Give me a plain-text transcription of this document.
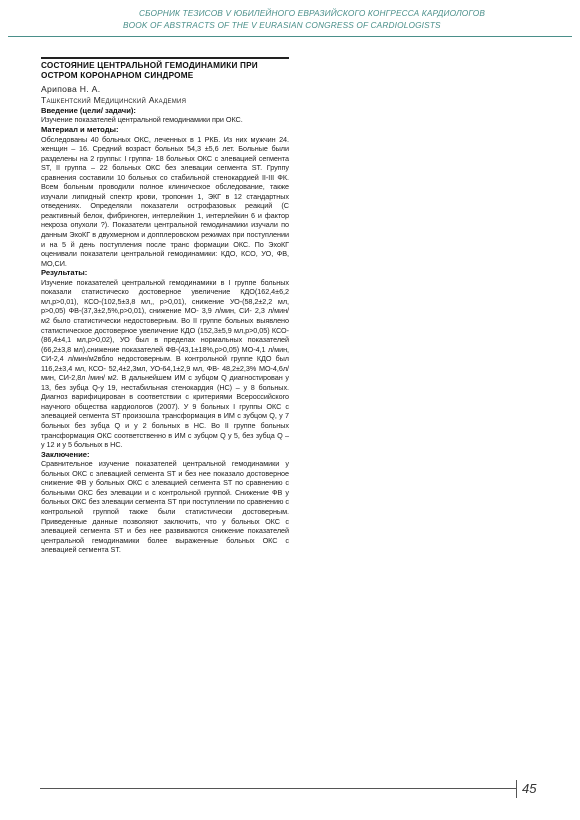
СБОРНИК ТЕЗИСОВ V ЮБИЛЕЙНОГО ЕВРАЗИЙСКОГО КОНГРЕССА КАРДИОЛОГОВ
BOOK OF ABSTRACTS OF THE V EURASIAN CONGRESS OF CARDIOLOGISTS
СОСТОЯНИЕ ЦЕНТРАЛЬНОЙ ГЕМОДИНАМИКИ ПРИ ОСТРОМ КОРОНАРНОМ СИНДРОМЕ
Арипова Н. А.
Ташкентский Медицинский Академия
Введение (цели/ задачи):
Изучение показателей центральной гемодинамики при ОКС.
Материал и методы:
Обследованы 40 больных ОКС, леченных в 1 РКБ. Из них мужчин 24. женщин – 16. Средний возраст больных 54,3 ±5,6 лет. Больные были разделены на 2 группы: I группа- 18 больных ОКС с элевацией сегмента ST, II группа – 22 больных ОКС без элевации сегмента ST. Группу сравнения составили 10 больных со стабильной стенокардией II-III ФК. Всем больным проводили полное клиническое обследование, также изучали липидный спектр крови, тропонин 1, ЭКГ в 12 стандартных отведениях. Определяли показатели острофазовых реакций (С реактивный белок, фибриноген, интерлейкин 1, интерлейкин 6 и фактор некроза опухоли ?). Показатели центральной гемодинамики изучали по данным ЭхоКГ в двухмерном и допплеровском режимах при поступлении и на 5 й день поступления после транс формации ОКС. По ЭхоКГ оценивали показатели центральной гемодинамики: КДО, КСО, УО, ФВ, МО,СИ.
Результаты:
Изучение показателей центральной гемодинамики в I группе больных показали статистическо достоверное увеличение КДО(162,4±6,2 мл,р>0,01), КСО-(102,5±3,8 мл,, р>0,01), снижение УО-(58,2±2,2 мл, р>0,05) ФВ-(37,3±2,5%,р>0,01), снижение МО- 3,9 л/мин, СИ- 2,3 л/мин/ м2 было статистически недостоверным. Во II группе больных выявлено статистическое достоверное увеличение КДО (152,3±5,9 мл,р>0,05) КСО-(86,4±4,1 мл,р>0,02), УО был в пределах нормальных показателей (66,2±3,8 мл),снижение показателей ФВ-(43,1±18%,р>0,05) МО-4,1 л/мин, СИ-2,4 л/мин/м2вбло недостоверным. В контрольной группе КДО был 116,2±3,4 мл, КСО- 52,4±2,3мл, УО-64,1±2,9 мл, ФВ- 48,2±2,3% МО-4,6л/мин, СИ-2,8л /мин/ м2. В дальнейшем ИМ с зубцом Q диагностирован у 13, без зубца Q-у 19, нестабильная стенокардия (НС) – у 8 больных. Диагноз варифицирован в соответствии с критериями Всероссийского научного общества кардиологов (2007). У 9 больных I группы ОКС с элевацией сегмента ST произошла трансформация в ИМ с зубцом Q, у 7 больных без зубца Q и у 2 больных в НС. Во II группе больных трансформация ОКС соответственно в ИМ с зубцом Q у 5, без зубца Q – у 12 и у 5 больных в НС.
Заключение:
Сравнительное изучение показателей центральной гемодинамики у больных ОКС с элевацией сегмента ST и без нее показало достоверное снижение ФВ у больных ОКС с элевацией сегмента ST по сравнению с больными ОКС без элевации и с контрольной группой. Снижение ФВ у больных ОКС без элевации сегмента ST при поступлении по сравнению с контрольной группой также были статистически достоверным. Приведенные данные позволяют заключить, что у больных ОКС с элевацией сегмента ST и без нее развиваются снижение показателей центральной гемодинамики более выраженные больных ОКС с элевацией сегмента ST.
45
